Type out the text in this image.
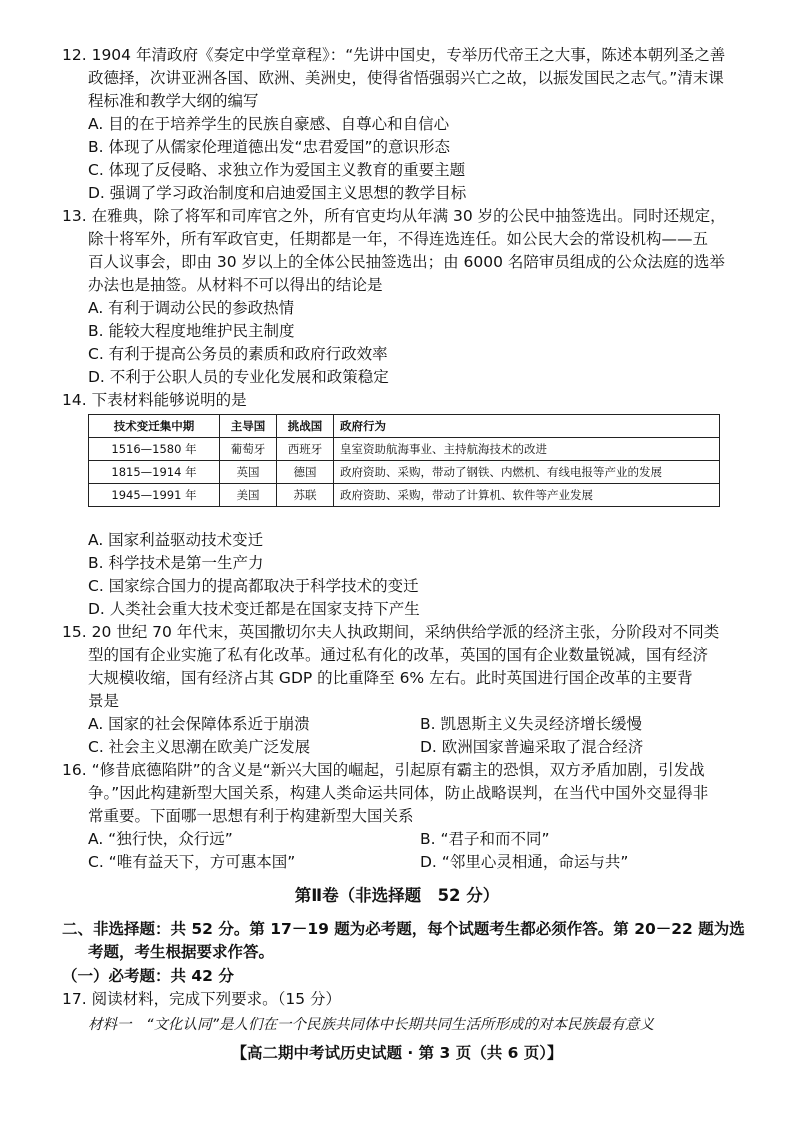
12. 1904 年清政府《奏定中学堂章程》：“先讲中国史，专举历代帝王之大事，陈述本朝列圣之善
政德择，次讲亚洲各国、欧洲、美洲史，使得省悟强弱兴亡之故，以振发国民之志气。”清末课
程标准和教学大纲的编写
A. 目的在于培养学生的民族自豪感、自尊心和自信心
B. 体现了从儒家伦理道德出发“忠君爱国”的意识形态
C. 体现了反侵略、求独立作为爱国主义教育的重要主题
D. 强调了学习政治制度和启迪爱国主义思想的教学目标
13. 在雅典，除了将军和司库官之外，所有官吏均从年满 30 岁的公民中抽签选出。同时还规定，
除十将军外，所有军政官吏，任期都是一年，不得连选连任。如公民大会的常设机构——五
百人议事会，即由 30 岁以上的全体公民抽签选出；由 6000 名陪审员组成的公众法庭的选举
办法也是抽签。从材料不可以得出的结论是
A. 有利于调动公民的参政热情
B. 能较大程度地维护民主制度
C. 有利于提高公务员的素质和政府行政效率
D. 不利于公职人员的专业化发展和政策稳定
14. 下表材料能够说明的是
技术变迁集中期	主导国	挑战国	政府行为
1516—1580 年	葡萄牙	西班牙	皇室资助航海事业、主持航海技术的改进
1815—1914 年	英国	德国	政府资助、采购，带动了钢铁、内燃机、有线电报等产业的发展
1945—1991 年	美国	苏联	政府资助、采购，带动了计算机、软件等产业发展
A. 国家利益驱动技术变迁
B. 科学技术是第一生产力
C. 国家综合国力的提高都取决于科学技术的变迁
D. 人类社会重大技术变迁都是在国家支持下产生
15. 20 世纪 70 年代末，英国撒切尔夫人执政期间，采纳供给学派的经济主张，分阶段对不同类
型的国有企业实施了私有化改革。通过私有化的改革，英国的国有企业数量锐减，国有经济
大规模收缩，国有经济占其 GDP 的比重降至 6% 左右。此时英国进行国企改革的主要背
景是
A. 国家的社会保障体系近于崩溃	B. 凯恩斯主义失灵经济增长缓慢
C. 社会主义思潮在欧美广泛发展	D. 欧洲国家普遍采取了混合经济
16. “修昔底德陷阱”的含义是“新兴大国的崛起，引起原有霸主的恐惧，双方矛盾加剧，引发战
争。”因此构建新型大国关系，构建人类命运共同体，防止战略误判，在当代中国外交显得非
常重要。下面哪一思想有利于构建新型大国关系
A. “独行快，众行远”	B. “君子和而不同”
C. “唯有益天下，方可惠本国”	D. “邻里心灵相通，命运与共”
第Ⅱ卷（非选择题　52 分）
二、非选择题：共 52 分。第 17－19 题为必考题，每个试题考生都必须作答。第 20－22 题为选
考题，考生根据要求作答。
（一）必考题：共 42 分
17. 阅读材料，完成下列要求。（15 分）
材料一　“文化认同”是人们在一个民族共同体中长期共同生活所形成的对本民族最有意义
【高二期中考试历史试题 · 第 3 页（共 6 页）】
